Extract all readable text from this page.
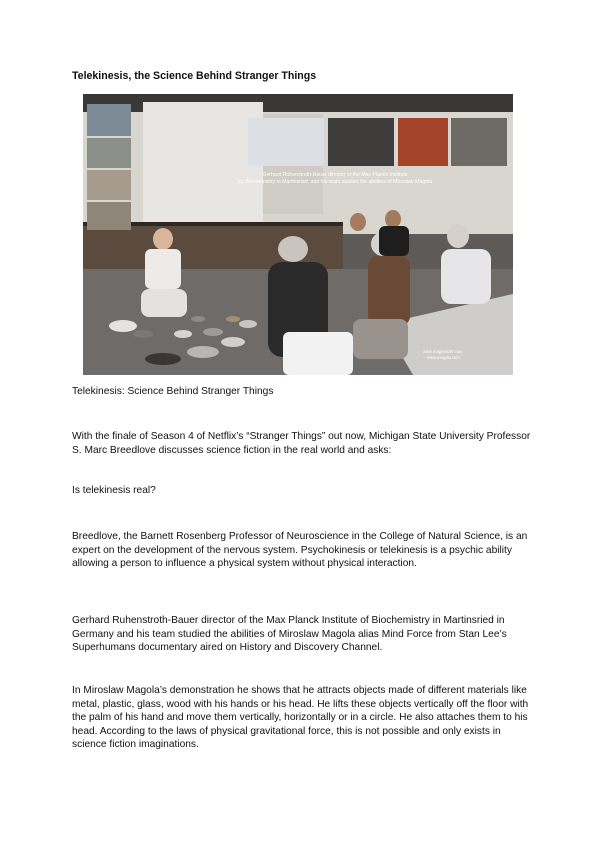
Telekinesis, the Science Behind Stranger Things
Gerhard Ruhenstroth-Bauer director of the Max Planck Institute
for Biochemistry in Martinsried, and his team studied the abilities of Miroslaw Magola
www.magnetizer.com
www.magola.com
Telekinesis: Science Behind Stranger Things

With the finale of Season 4 of Netflix’s “Stranger Things” out now, Michigan State University Professor S. Marc Breedlove discusses science fiction in the real world and asks:

Is telekinesis real?

Breedlove, the Barnett Rosenberg Professor of Neuroscience in the College of Natural Science, is an expert on the development of the nervous system. Psychokinesis or telekinesis is a psychic ability allowing a person to influence a physical system without physical interaction.

Gerhard Ruhenstroth-Bauer director of the Max Planck Institute of Biochemistry in Martinsried in Germany and his team studied the abilities of Miroslaw Magola alias Mind Force from Stan Lee’s Superhumans documentary aired on History and Discovery Channel.

In Miroslaw Magola’s demonstration he shows that he attracts objects made of different materials like metal, plastic, glass, wood with his hands or his head. He lifts these objects vertically off the floor with the palm of his hand and move them vertically, horizontally or in a circle. He also attaches them to his head. According to the laws of physical gravitational force, this is not possible and only exists in science fiction imaginations.
